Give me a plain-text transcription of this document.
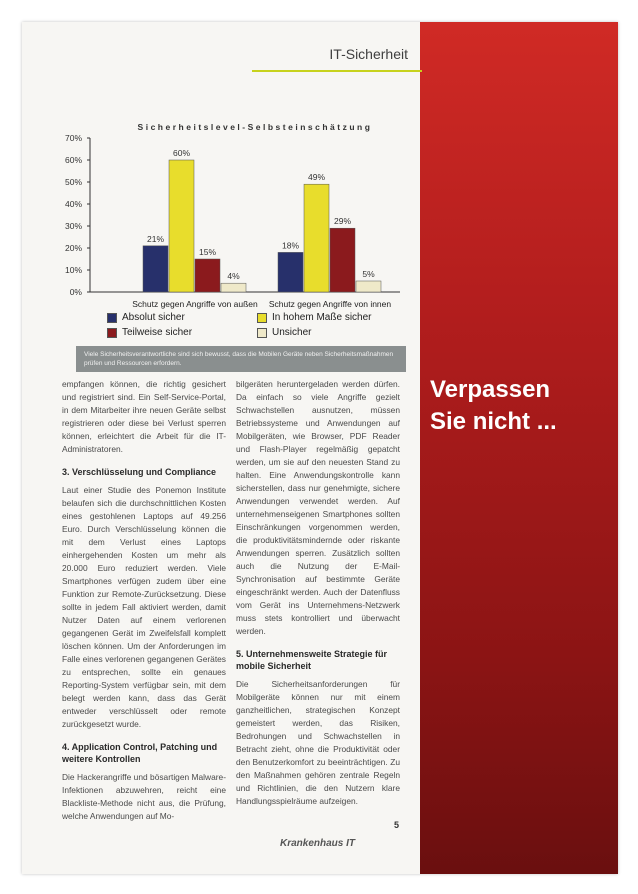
IT-Sicherheit
Sicherheitslevel-Selbsteinschätzung
0%
10%
20%
30%
40%
50%
60%
70%
21%
60%
15%
4%
Schutz gegen Angriffe von außen
18%
49%
29%
5%
Schutz gegen Angriffe von innen
Absolut sicher	In hohem Maße sicher
Teilweise sicher	Unsicher
Viele Sicherheitsverantwortliche sind sich bewusst, dass die Mobilen Geräte neben Sicherheitsmaßnahmen prüfen und Ressourcen erfordern.

empfangen können, die richtig gesichert und registriert sind. Ein Self-Service-Portal, in dem Mitarbeiter ihre neuen Geräte selbst registrieren oder diese bei Verlust sperren können, erleichtert die Arbeit für die IT-Administratoren.

3. Verschlüsselung und Compliance

Laut einer Studie des Ponemon Institute belaufen sich die durchschnittlichen Kosten eines gestohlenen Laptops auf 49.256 Euro. Durch Verschlüsselung können die mit dem Verlust eines Laptops einhergehenden Kosten um mehr als 20.000 Euro reduziert werden. Viele Smartphones verfügen zudem über eine Funktion zur Remote-Zurücksetzung. Diese sollte in jedem Fall aktiviert werden, damit Nutzer Daten auf einem verlorenen gegangenen Gerät im Zweifelsfall komplett löschen können. Um der Anforderungen im Falle eines verlorenen gegangenen Gerätes zu entsprechen, sollte ein genaues Reporting-System verfügbar sein, mit dem belegt werden kann, dass das Gerät entweder verschlüsselt oder remote zurückgesetzt wurde.

4. Application Control, Patching und weitere Kontrollen

Die Hackerangriffe und bösartigen Malware-Infektionen abzuwehren, reicht eine Blackliste-Methode nicht aus, die Prüfung, welche Anwendungen auf Mo-

bilgeräten heruntergeladen werden dürfen. Da einfach so viele Angriffe gezielt Schwachstellen ausnutzen, müssen Betriebssysteme und Anwendungen auf Mobilgeräten, wie Browser, PDF Reader und Flash-Player regelmäßig gepatcht werden, um sie auf den neuesten Stand zu halten. Eine Anwendungskontrolle kann sicherstellen, dass nur genehmigte, sichere Anwendungen verwendet werden. Auf unternehmenseigenen Smartphones sollten Einschränkungen vorgenommen werden, die produktivitätsmindernde oder riskante Anwendungen sperren. Zusätzlich sollten auch die Nutzung der E-Mail-Synchronisation auf bestimmte Geräte eingeschränkt werden. Auch der Datenfluss vom Gerät ins Unternehmens-Netzwerk muss stets kontrolliert und überwacht werden.

5. Unternehmensweite Strategie für mobile Sicherheit

Die Sicherheitsanforderungen für Mobilgeräte können nur mit einem ganzheitlichen, strategischen Konzept gemeistert werden, das Risiken, Bedrohungen und Schwachstellen in Betracht zieht, ohne die Produktivität oder den Benutzerkomfort zu beeinträchtigen. Zu den Maßnahmen gehören zentrale Regeln und Richtlinien, die den Nutzern klare Handlungsspielräume aufzeigen.

Verpassen
Sie nicht ...
5
Krankenhaus IT
